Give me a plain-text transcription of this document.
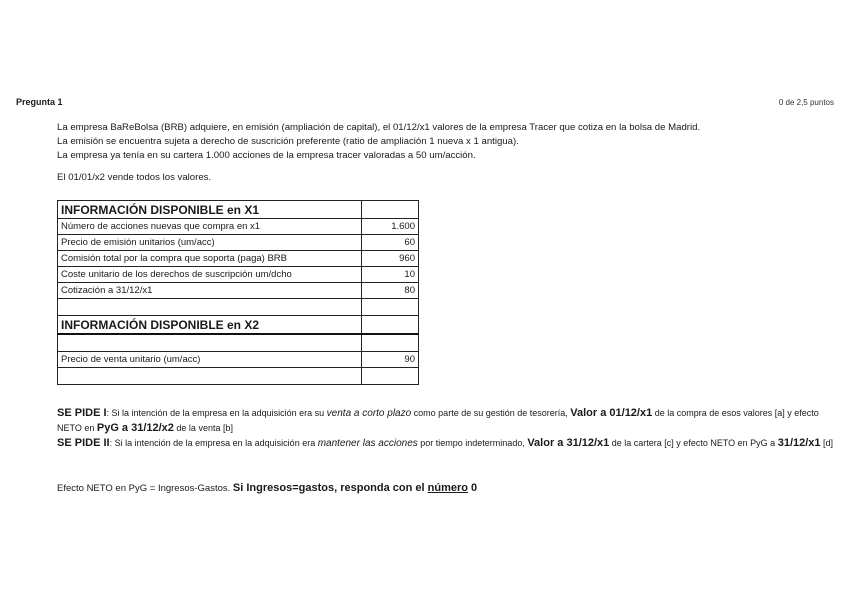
Pregunta 1	0 de 2,5 puntos

La empresa BaReBolsa (BRB) adquiere, en emisión (ampliación de capital), el 01/12/x1 valores de la empresa Tracer que cotiza en la bolsa de Madrid.

La emisión se encuentra sujeta a derecho de suscrición preferente (ratio de ampliación 1 nueva x 1 antigua).

La empresa ya tenía en su cartera 1.000 acciones de la empresa tracer valoradas a 50 um/acción.

El 01/01/x2 vende todos los valores.

INFORMACIÓN DISPONIBLE en X1	
Número de acciones nuevas que compra en x1	1.600
Precio de emisión unitarios (um/acc)	60
Comisión total por la compra que soporta (paga) BRB	960
Coste unitario de los derechos de suscripción um/dcho	10
Cotización a 31/12/x1	80

INFORMACIÓN DISPONIBLE en X2	

Precio de venta unitario (um/acc)	90

SE PIDE I: Si la intención de la empresa en la adquisición era su venta a corto plazo como parte de su gestión de tesorería, Valor a 01/12/x1 de la compra de esos valores [a] y efecto NETO en PyG a 31/12/x2 de la venta [b]

SE PIDE II: Si la intención de la empresa en la adquisición era mantener las acciones por tiempo indeterminado, Valor a 31/12/x1 de la cartera [c] y efecto NETO en PyG a 31/12/x1 [d]

Efecto NETO en PyG = Ingresos-Gastos. Si Ingresos=gastos, responda con el número 0
